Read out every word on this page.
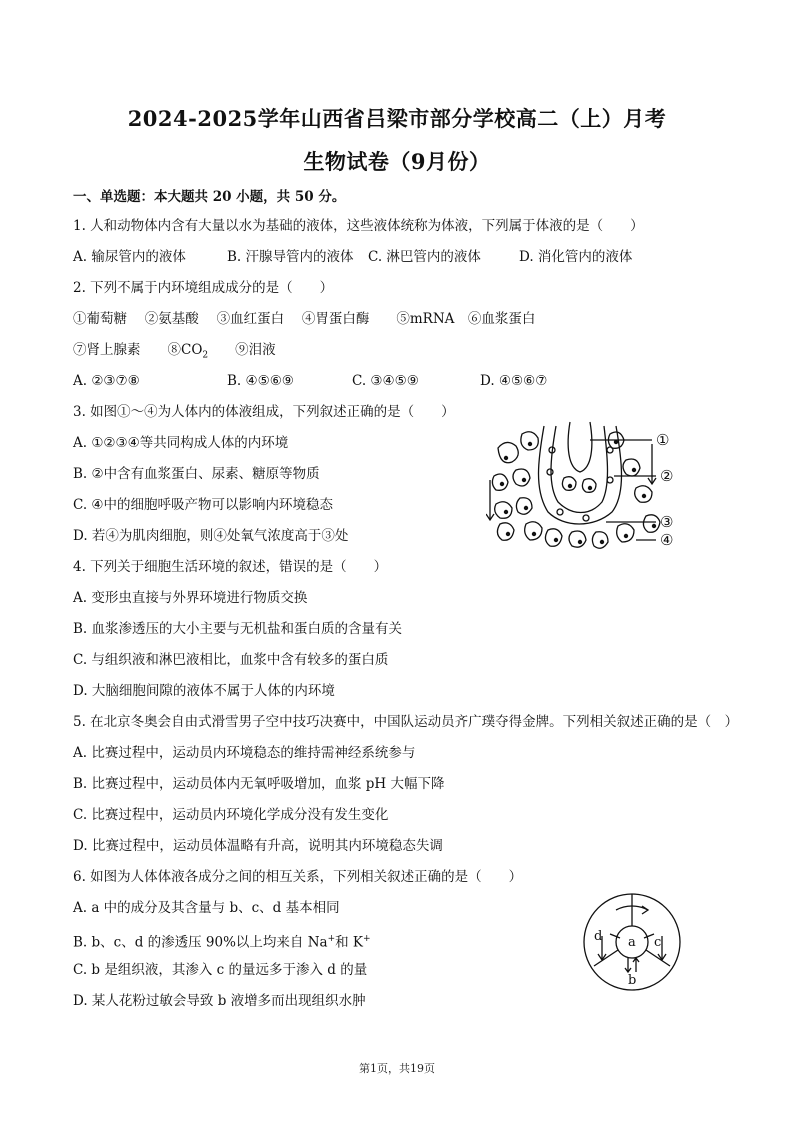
2024-2025学年山西省吕梁市部分学校高二（上）月考
生物试卷（9月份）
一、单选题：本大题共 20 小题，共 50 分。
1. 人和动物体内含有大量以水为基础的液体，这些液体统称为体液，下列属于体液的是（　　）
A. 输尿管内的液体	B. 汗腺导管内的液体 C. 淋巴管内的液体	D. 消化管内的液体
2. 下列不属于内环境组成成分的是（　　）
①葡萄糖　 ②氨基酸　 ③血红蛋白　 ④胃蛋白酶　　⑤mRNA　⑥血浆蛋白
⑦肾上腺素　　$⑧CO_2$　　⑨泪液
A. ②③⑦⑧	B. ④⑤⑥⑨	C. ③④⑤⑨	D. ④⑤⑥⑦
3. 如图①～④为人体内的体液组成，下列叙述正确的是（　　）
A. ①②③④等共同构成人体的内环境
B. ②中含有血浆蛋白、尿素、糖原等物质
C. ④中的细胞呼吸产物可以影响内环境稳态
D. 若④为肌肉细胞，则④处氧气浓度高于③处
①
②
③
④
4. 下列关于细胞生活环境的叙述，错误的是（　　）
A. 变形虫直接与外界环境进行物质交换
B. 血浆渗透压的大小主要与无机盐和蛋白质的含量有关
C. 与组织液和淋巴液相比，血浆中含有较多的蛋白质
D. 大脑细胞间隙的液体不属于人体的内环境
5. 在北京冬奥会自由式滑雪男子空中技巧决赛中，中国队运动员齐广璞夺得金牌。下列相关叙述正确的是（　）
A. 比赛过程中，运动员内环境稳态的维持需神经系统参与
B. 比赛过程中，运动员体内无氧呼吸增加，血浆 pH 大幅下降
C. 比赛过程中，运动员内环境化学成分没有发生变化
D. 比赛过程中，运动员体温略有升高，说明其内环境稳态失调
6. 如图为人体体液各成分之间的相互关系，下列相关叙述正确的是（　　）
A. a 中的成分及其含量与 b、c、d 基本相同
B. b、c、d 的渗透压 90%以上均来自 Na+和 K+
C. b 是组织液，其渗入 c 的量远多于渗入 d 的量
D. 某人花粉过敏会导致 b 液增多而出现组织水肿
a
b
c
d
第1页，共19页
